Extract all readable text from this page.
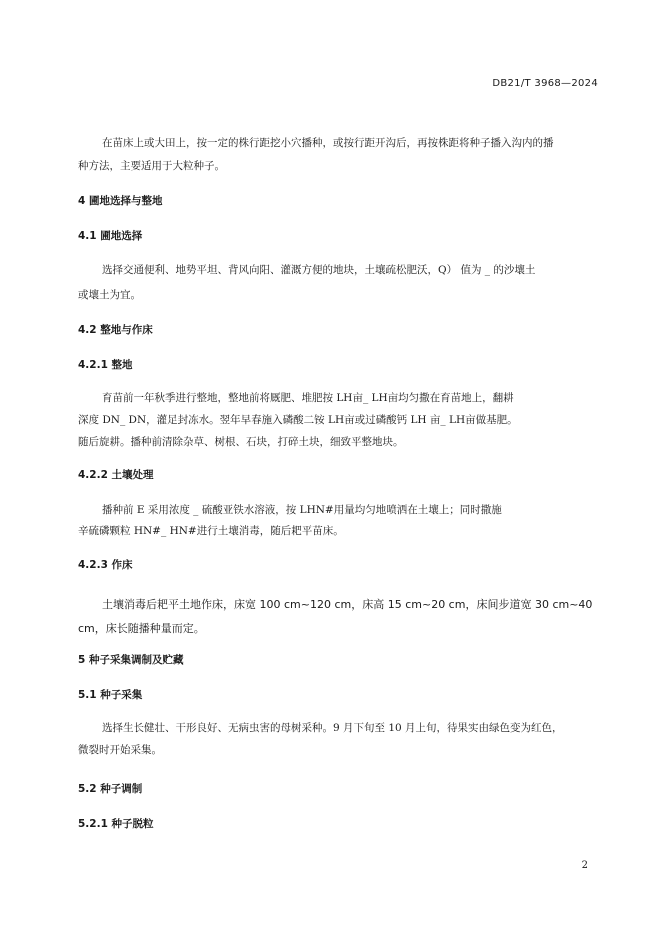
DB21/T 3968—2024
在苗床上或大田上，按一定的株行距挖小穴播种，或按行距开沟后，再按株距将种子播入沟内的播
种方法，主要适用于大粒种子。
4 圃地选择与整地
4.1 圃地选择
选择交通便利、地势平坦、背风向阳、灌溉方便的地块，土壤疏松肥沃，Q） 值为 _ 的沙壤土
或壤土为宜。
4.2 整地与作床
4.2.1 整地
育苗前一年秋季进行整地，整地前将厩肥、堆肥按 LH亩_ LH亩均匀撒在育苗地上，翻耕
深度 DN_ DN，灌足封冻水。翌年早春施入磷酸二铵 LH亩或过磷酸钙 LH 亩_ LH亩做基肥。
随后旋耕。播种前清除杂草、树根、石块，打碎土块，细致平整地块。
4.2.2 土壤处理
播种前 E 采用浓度 _ 硫酸亚铁水溶液，按 LHN#用量均匀地喷洒在土壤上；同时撒施
辛硫磷颗粒 HN#_ HN#进行土壤消毒，随后耙平苗床。
4.2.3 作床
土壤消毒后耙平土地作床，床宽 100 cm~120 cm，床高 15 cm~20 cm，床间步道宽 30 cm~40
cm，床长随播种量而定。
5 种子采集调制及贮藏
5.1 种子采集
选择生长健壮、干形良好、无病虫害的母树采种。9 月下旬至 10 月上旬，待果实由绿色变为红色，
微裂时开始采集。
5.2 种子调制
5.2.1 种子脱粒
2
